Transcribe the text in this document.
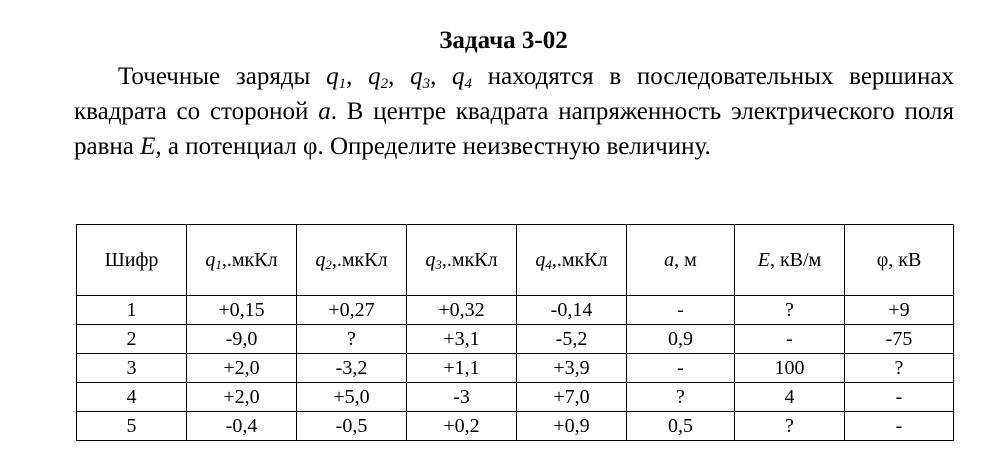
Задача 3-02
Точечные заряды $q_1$, $q_2$, $q_3$, $q_4$ находятся в последовательных вершинах квадрата со стороной a. В центре квадрата напряженность электрического поля равна E, а потенциал φ. Определите неизвестную величину.
Шифр	$q_1,.мкКл$	$q_2,.мкКл$	$q_3,.мкКл$	$q_4,.мкКл$	a, м	E, кВ/м	φ, кВ
1	+0,15	+0,27	+0,32	-0,14	-	?	+9
2	-9,0	?	+3,1	-5,2	0,9	-	-75
3	+2,0	-3,2	+1,1	+3,9	-	100	?
4	+2,0	+5,0	-3	+7,0	?	4	-
5	-0,4	-0,5	+0,2	+0,9	0,5	?	-
